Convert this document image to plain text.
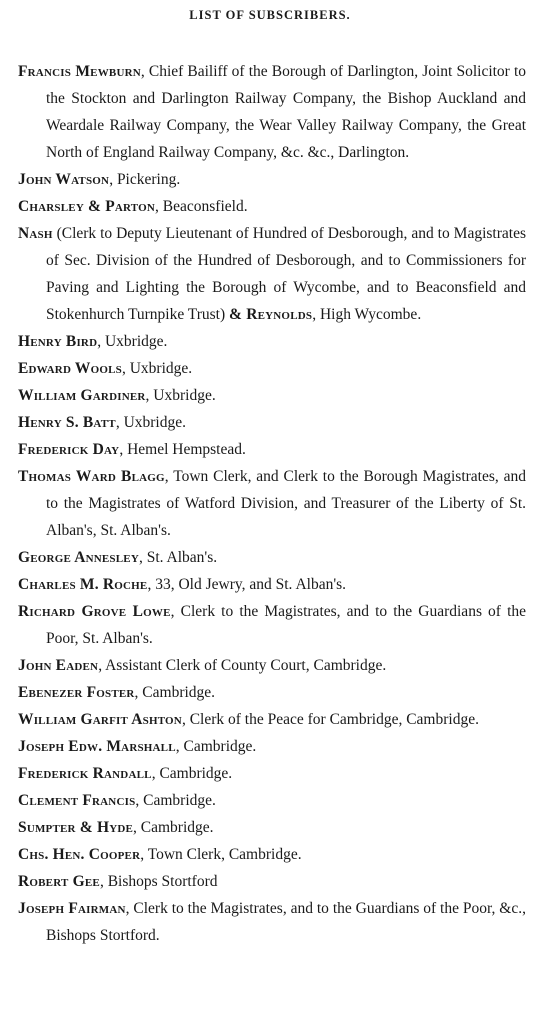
LIST OF SUBSCRIBERS.

Francis Mewburn, Chief Bailiff of the Borough of Darlington, Joint Solicitor to the Stockton and Darlington Railway Company, the Bishop Auckland and Weardale Railway Company, the Wear Valley Railway Company, the Great North of England Railway Company, &c. &c., Darlington.

John Watson, Pickering.

Charsley & Parton, Beaconsfield.

Nash (Clerk to Deputy Lieutenant of Hundred of Desborough, and to Magistrates of Sec. Division of the Hundred of Desborough, and to Commissioners for Paving and Lighting the Borough of Wycombe, and to Beaconsfield and Stokenhurch Turnpike Trust) & Reynolds, High Wycombe.

Henry Bird, Uxbridge.

Edward Wools, Uxbridge.

William Gardiner, Uxbridge.

Henry S. Batt, Uxbridge.

Frederick Day, Hemel Hempstead.

Thomas Ward Blagg, Town Clerk, and Clerk to the Borough Magistrates, and to the Magistrates of Watford Division, and Treasurer of the Liberty of St. Alban's, St. Alban's.

George Annesley, St. Alban's.

Charles M. Roche, 33, Old Jewry, and St. Alban's.

Richard Grove Lowe, Clerk to the Magistrates, and to the Guardians of the Poor, St. Alban's.

John Eaden, Assistant Clerk of County Court, Cambridge.

Ebenezer Foster, Cambridge.

William Garfit Ashton, Clerk of the Peace for Cambridge, Cambridge.

Joseph Edw. Marshall, Cambridge.

Frederick Randall, Cambridge.

Clement Francis, Cambridge.

Sumpter & Hyde, Cambridge.

Chs. Hen. Cooper, Town Clerk, Cambridge.

Robert Gee, Bishops Stortford

Joseph Fairman, Clerk to the Magistrates, and to the Guardians of the Poor, &c., Bishops Stortford.
